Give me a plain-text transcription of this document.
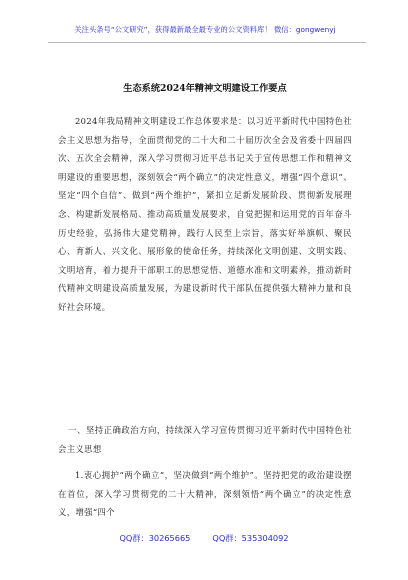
关注头条号“公文研究”，获得最新最全最专业的公文资料库！ 微信：gongwenyj
生态系统2024年精神文明建设工作要点

2024年我局精神文明建设工作总体要求是：以习近平新时代中国特色社会主义思想为指导，全面贯彻党的二十大和二十届历次全会及省委十四届四次、五次全会精神，深入学习贯彻习近平总书记关于宣传思想工作和精神文明建设的重要思想，深刻领会“两个确立”的决定性意义，增强“四个意识”、坚定“四个自信”、做到“两个维护”，紧扣立足新发展阶段、贯彻新发展理念、构建新发展格局、推动高质量发展要求，自觉把握和运用党的百年奋斗历史经验，弘扬伟大建党精神，践行人民至上宗旨，落实好举旗帜、聚民心、育新人、兴文化、展形象的使命任务，持续深化文明创建、文明实践、文明培育，着力提升干部职工的思想觉悟、道德水准和文明素养，推动新时代精神文明建设高质量发展，为建设新时代干部队伍提供强大精神力量和良好社会环境。

一、坚持正确政治方向，持续深入学习宣传贯彻习近平新时代中国特色社会主义思想

1.衷心拥护“两个确立”，坚决做到“两个维护”。坚持把党的政治建设摆在首位，深入学习贯彻党的二十大精神，深刻领悟“两个确立”的决定性意义，增强“四个

QQ群：30265665	QQ群：535304092
